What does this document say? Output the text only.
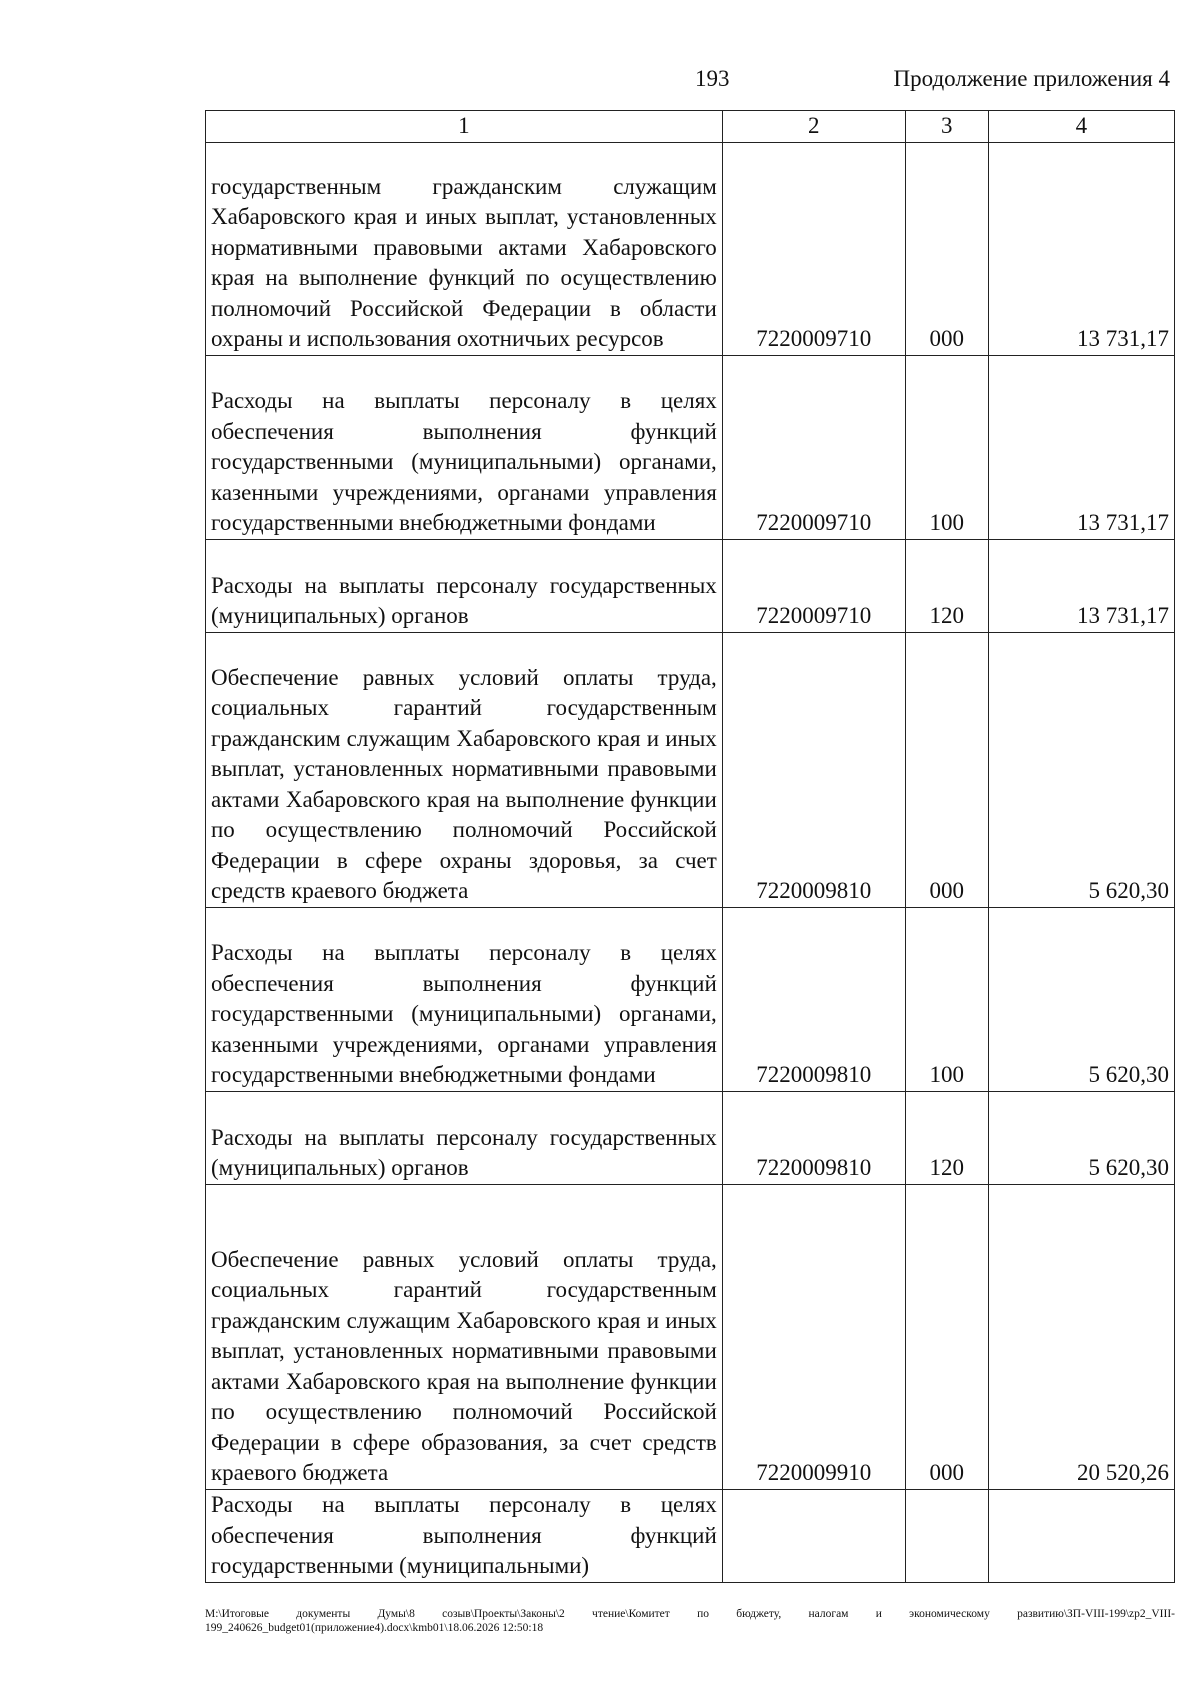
193	Продолжение приложения 4
1	2	3	4
государственным гражданским служащим Хабаровского края и иных выплат, установленных нормативными правовыми актами Хабаровского края на выполнение функций по осуществлению полномочий Российской Федерации в области охраны и использования охотничьих ресурсов	7220009710	000	13 731,17
Расходы на выплаты персоналу в целях обеспечения выполнения функций государственными (муниципальными) органами, казенными учреждениями, органами управления государственными внебюджетными фондами	7220009710	100	13 731,17
Расходы на выплаты персоналу государственных (муниципальных) органов	7220009710	120	13 731,17
Обеспечение равных условий оплаты труда, социальных гарантий государственным гражданским служащим Хабаровского края и иных выплат, установленных нормативными правовыми актами Хабаровского края на выполнение функции по осуществлению полномочий Российской Федерации в сфере охраны здоровья, за счет средств краевого бюджета	7220009810	000	5 620,30
Расходы на выплаты персоналу в целях обеспечения выполнения функций государственными (муниципальными) органами, казенными учреждениями, органами управления государственными внебюджетными фондами	7220009810	100	5 620,30
Расходы на выплаты персоналу государственных (муниципальных) органов	7220009810	120	5 620,30
Обеспечение равных условий оплаты труда, социальных гарантий государственным гражданским служащим Хабаровского края и иных выплат, установленных нормативными правовыми актами Хабаровского края на выполнение функции по осуществлению полномочий Российской Федерации в сфере образования, за счет средств краевого бюджета	7220009910	000	20 520,26
Расходы на выплаты персоналу в целях обеспечения выполнения функций государственными (муниципальными)			
М:\Итоговые документы Думы\8 созыв\Проекты\Законы\2 чтение\Комитет по бюджету, налогам и экономическому развитию\ЗП-VIII-199\zp2_VIII-199_240626_budget01(приложение4).docx\kmb01\18.06.2026 12:50:18
